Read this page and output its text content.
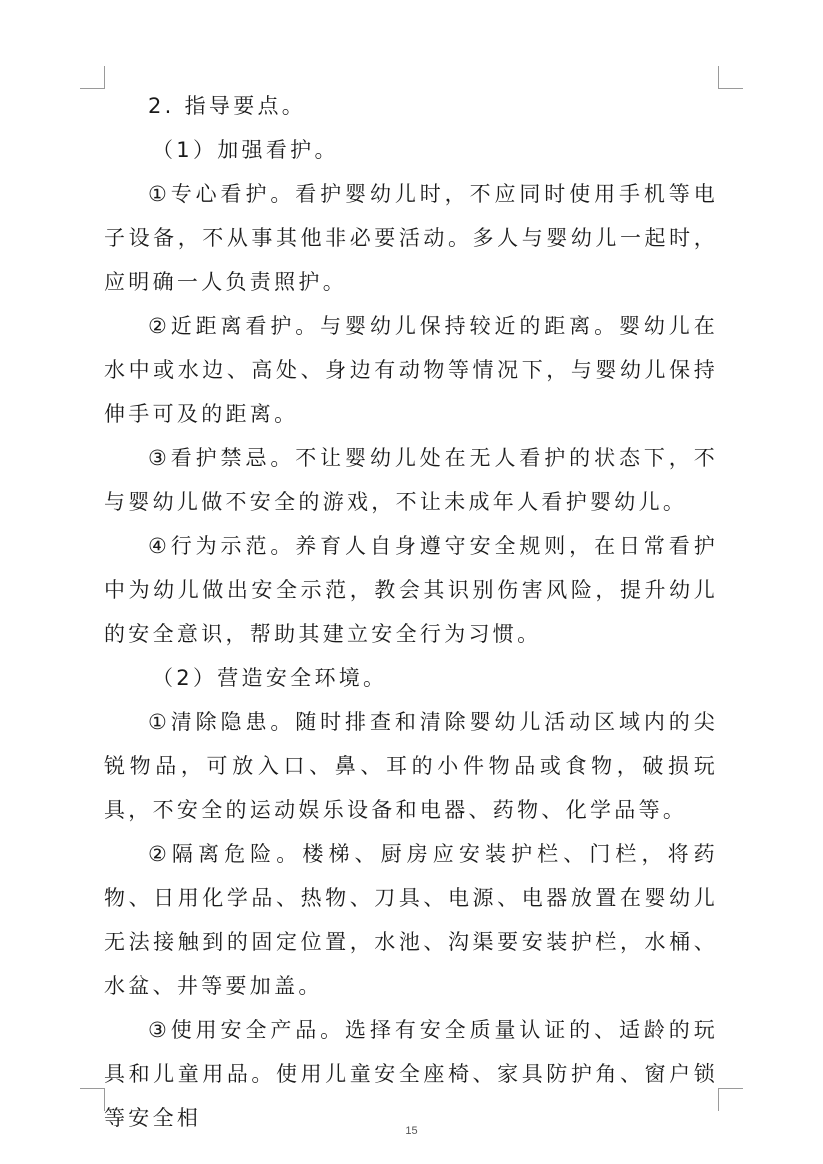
2. 指导要点。

（1）加强看护。

①专心看护。看护婴幼儿时，不应同时使用手机等电子设备，不从事其他非必要活动。多人与婴幼儿一起时，应明确一人负责照护。

②近距离看护。与婴幼儿保持较近的距离。婴幼儿在水中或水边、高处、身边有动物等情况下，与婴幼儿保持伸手可及的距离。

③看护禁忌。不让婴幼儿处在无人看护的状态下，不与婴幼儿做不安全的游戏，不让未成年人看护婴幼儿。

④行为示范。养育人自身遵守安全规则，在日常看护中为幼儿做出安全示范，教会其识别伤害风险，提升幼儿的安全意识，帮助其建立安全行为习惯。

（2）营造安全环境。

①清除隐患。随时排查和清除婴幼儿活动区域内的尖锐物品，可放入口、鼻、耳的小件物品或食物，破损玩具，不安全的运动娱乐设备和电器、药物、化学品等。

②隔离危险。楼梯、厨房应安装护栏、门栏，将药物、日用化学品、热物、刀具、电源、电器放置在婴幼儿无法接触到的固定位置，水池、沟渠要安装护栏，水桶、水盆、井等要加盖。

③使用安全产品。选择有安全质量认证的、适龄的玩具和儿童用品。使用儿童安全座椅、家具防护角、窗户锁等安全相

15
